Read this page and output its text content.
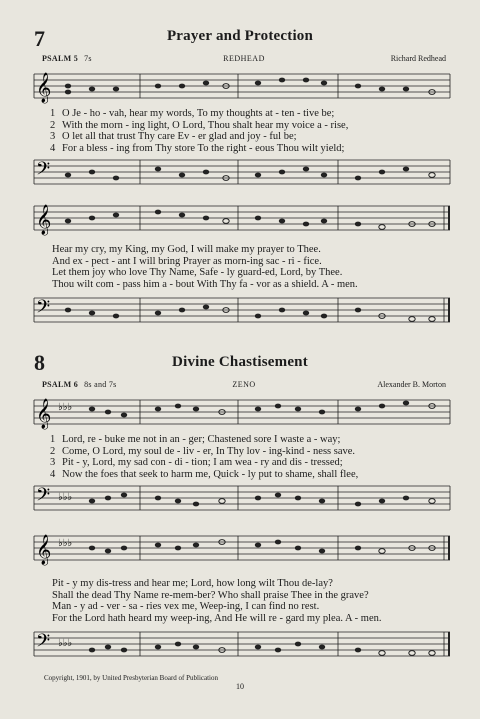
7	Prayer and Protection
PSALM 5 7s	REDHEAD	Richard Redhead
𝄞
1 O Je - ho - vah, hear my words, To my thoughts at - ten - tive be;
2 With the morn - ing light, O Lord, Thou shalt hear my voice a - rise,
3 O let all that trust Thy care Ev - er glad and joy - ful be;
4 For a bless - ing from Thy store To the right - eous Thou wilt yield;
𝄢
𝄞
Hear my cry, my King, my God, I will make my prayer to Thee.
And ex - pect - ant I will bring Prayer as morn-ing sac - ri - fice.
Let them joy who love Thy Name, Safe - ly guard-ed, Lord, by Thee.
Thou wilt com - pass him a - bout With Thy fa - vor as a shield. A - men.
𝄢
8	Divine Chastisement
PSALM 6 8s and 7s	ZENO	Alexander B. Morton
𝄞 ♭♭♭
1 Lord, re - buke me not in an - ger; Chastened sore I waste a - way;
2 Come, O Lord, my soul de - liv - er, In Thy lov - ing-kind - ness save.
3 Pit - y, Lord, my sad con - di - tion; I am wea - ry and dis - tressed;
4 Now the foes that seek to harm me, Quick - ly put to shame, shall flee,
𝄢 ♭♭♭
𝄞 ♭♭♭
Pit - y my dis-tress and hear me; Lord, how long wilt Thou de-lay?
Shall the dead Thy Name re-mem-ber? Who shall praise Thee in the grave?
Man - y ad - ver - sa - ries vex me, Weep-ing, I can find no rest.
For the Lord hath heard my weep-ing, And He will re - gard my plea. A - men.
𝄢 ♭♭♭
Copyright, 1901, by United Presbyterian Board of Publication
10
